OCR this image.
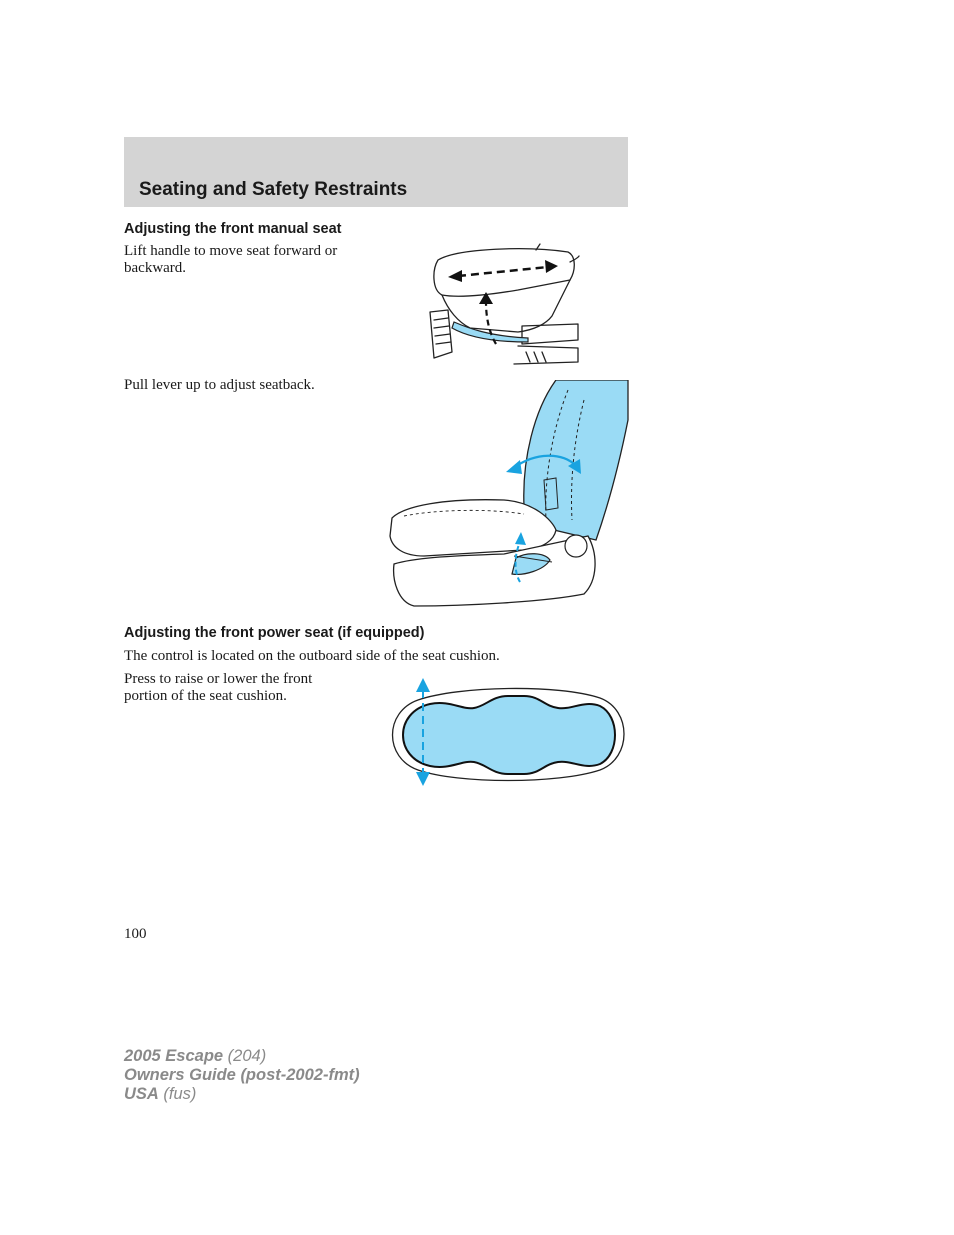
Seating and Safety Restraints
Adjusting the front manual seat
Lift handle to move seat forward or
backward.
Pull lever up to adjust seatback.
Adjusting the front power seat (if equipped)
The control is located on the outboard side of the seat cushion.
Press to raise or lower the front
portion of the seat cushion.
100
2005 Escape (204)
Owners Guide (post-2002-fmt)
USA (fus)
